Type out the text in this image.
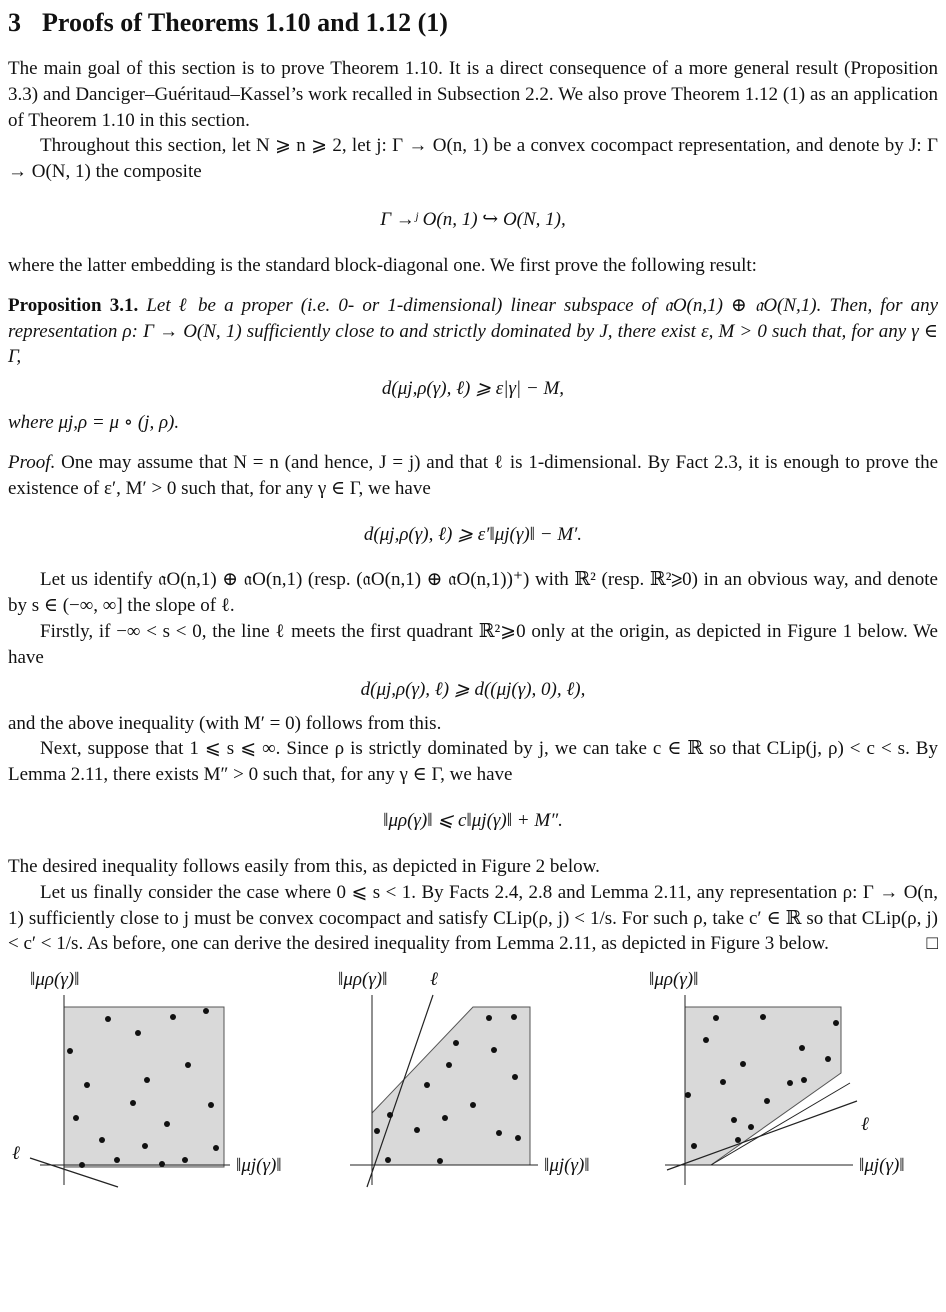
3 Proofs of Theorems 1.10 and 1.12 (1)

The main goal of this section is to prove Theorem 1.10. It is a direct consequence of a more general result (Proposition 3.3) and Danciger–Guéritaud–Kassel’s work recalled in Subsection 2.2. We also prove Theorem 1.12 (1) as an application of Theorem 1.10 in this section.

Throughout this section, let N ⩾ n ⩾ 2, let j: Γ → O(n, 1) be a convex cocompact representation, and denote by J: Γ → O(N, 1) the composite

Γ →ʲ O(n, 1) ↪ O(N, 1),

where the latter embedding is the standard block-diagonal one. We first prove the following result:

Proposition 3.1. Let ℓ be a proper (i.e. 0- or 1-dimensional) linear subspace of 𝔞O(n,1) ⊕ 𝔞O(N,1). Then, for any representation ρ: Γ → O(N, 1) sufficiently close to and strictly dominated by J, there exist ε, M > 0 such that, for any γ ∈ Γ,

d(μj,ρ(γ), ℓ) ⩾ ε|γ| − M,

where μj,ρ = μ ∘ (j, ρ).

Proof. One may assume that N = n (and hence, J = j) and that ℓ is 1-dimensional. By Fact 2.3, it is enough to prove the existence of ε′, M′ > 0 such that, for any γ ∈ Γ, we have

d(μj,ρ(γ), ℓ) ⩾ ε′‖μj(γ)‖ − M′.

Let us identify 𝔞O(n,1) ⊕ 𝔞O(n,1) (resp. (𝔞O(n,1) ⊕ 𝔞O(n,1))⁺) with ℝ² (resp. ℝ²⩾0) in an obvious way, and denote by s ∈ (−∞, ∞] the slope of ℓ.

Firstly, if −∞ < s < 0, the line ℓ meets the first quadrant ℝ²⩾0 only at the origin, as depicted in Figure 1 below. We have

d(μj,ρ(γ), ℓ) ⩾ d((μj(γ), 0), ℓ),

and the above inequality (with M′ = 0) follows from this.

Next, suppose that 1 ⩽ s ⩽ ∞. Since ρ is strictly dominated by j, we can take c ∈ ℝ so that CLip(j, ρ) < c < s. By Lemma 2.11, there exists M″ > 0 such that, for any γ ∈ Γ, we have

‖μρ(γ)‖ ⩽ c‖μj(γ)‖ + M″.

The desired inequality follows easily from this, as depicted in Figure 2 below.

Let us finally consider the case where 0 ⩽ s < 1. By Facts 2.4, 2.8 and Lemma 2.11, any representation ρ: Γ → O(n, 1) sufficiently close to j must be convex cocompact and satisfy CLip(ρ, j) < 1/s. For such ρ, take c′ ∈ ℝ so that CLip(ρ, j) < c′ < 1/s. As before, one can derive the desired inequality from Lemma 2.11, as depicted in Figure 3 below.	□

‖μρ(γ)‖
‖μj(γ)‖
ℓ
‖μρ(γ)‖ ℓ
‖μj(γ)‖
‖μρ(γ)‖
ℓ
‖μj(γ)‖
